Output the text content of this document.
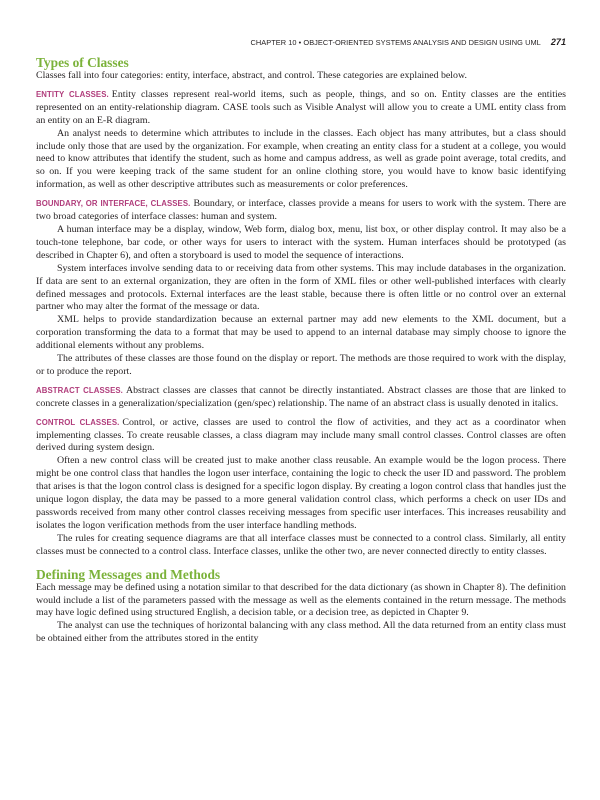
CHAPTER 10 • OBJECT-ORIENTED SYSTEMS ANALYSIS AND DESIGN USING UML 271
Types of Classes

Classes fall into four categories: entity, interface, abstract, and control. These categories are explained below.

ENTITY CLASSES. Entity classes represent real-world items, such as people, things, and so on. Entity classes are the entities represented on an entity-relationship diagram. CASE tools such as Visible Analyst will allow you to create a UML entity class from an entity on an E-R diagram.

An analyst needs to determine which attributes to include in the classes. Each object has many attributes, but a class should include only those that are used by the organization. For example, when creating an entity class for a student at a college, you would need to know attributes that identify the student, such as home and campus address, as well as grade point average, total credits, and so on. If you were keeping track of the same student for an online clothing store, you would have to know basic identifying information, as well as other descriptive attributes such as measurements or color preferences.

BOUNDARY, OR INTERFACE, CLASSES. Boundary, or interface, classes provide a means for users to work with the system. There are two broad categories of interface classes: human and system.

A human interface may be a display, window, Web form, dialog box, menu, list box, or other display control. It may also be a touch-tone telephone, bar code, or other ways for users to interact with the system. Human interfaces should be prototyped (as described in Chapter 6), and often a storyboard is used to model the sequence of interactions.

System interfaces involve sending data to or receiving data from other systems. This may include databases in the organization. If data are sent to an external organization, they are often in the form of XML files or other well-published interfaces with clearly defined messages and protocols. External interfaces are the least stable, because there is often little or no control over an external partner who may alter the format of the message or data.

XML helps to provide standardization because an external partner may add new elements to the XML document, but a corporation transforming the data to a format that may be used to append to an internal database may simply choose to ignore the additional elements without any problems.

The attributes of these classes are those found on the display or report. The methods are those required to work with the display, or to produce the report.

ABSTRACT CLASSES. Abstract classes are classes that cannot be directly instantiated. Abstract classes are those that are linked to concrete classes in a generalization/specialization (gen/spec) relationship. The name of an abstract class is usually denoted in italics.

CONTROL CLASSES. Control, or active, classes are used to control the flow of activities, and they act as a coordinator when implementing classes. To create reusable classes, a class diagram may include many small control classes. Control classes are often derived during system design.

Often a new control class will be created just to make another class reusable. An example would be the logon process. There might be one control class that handles the logon user interface, containing the logic to check the user ID and password. The problem that arises is that the logon control class is designed for a specific logon display. By creating a logon control class that handles just the unique logon display, the data may be passed to a more general validation control class, which performs a check on user IDs and passwords received from many other control classes receiving messages from specific user interfaces. This increases reusability and isolates the logon verification methods from the user interface handling methods.

The rules for creating sequence diagrams are that all interface classes must be connected to a control class. Similarly, all entity classes must be connected to a control class. Interface classes, unlike the other two, are never connected directly to entity classes.

Defining Messages and Methods

Each message may be defined using a notation similar to that described for the data dictionary (as shown in Chapter 8). The definition would include a list of the parameters passed with the message as well as the elements contained in the return message. The methods may have logic defined using structured English, a decision table, or a decision tree, as depicted in Chapter 9.

The analyst can use the techniques of horizontal balancing with any class method. All the data returned from an entity class must be obtained either from the attributes stored in the entity
